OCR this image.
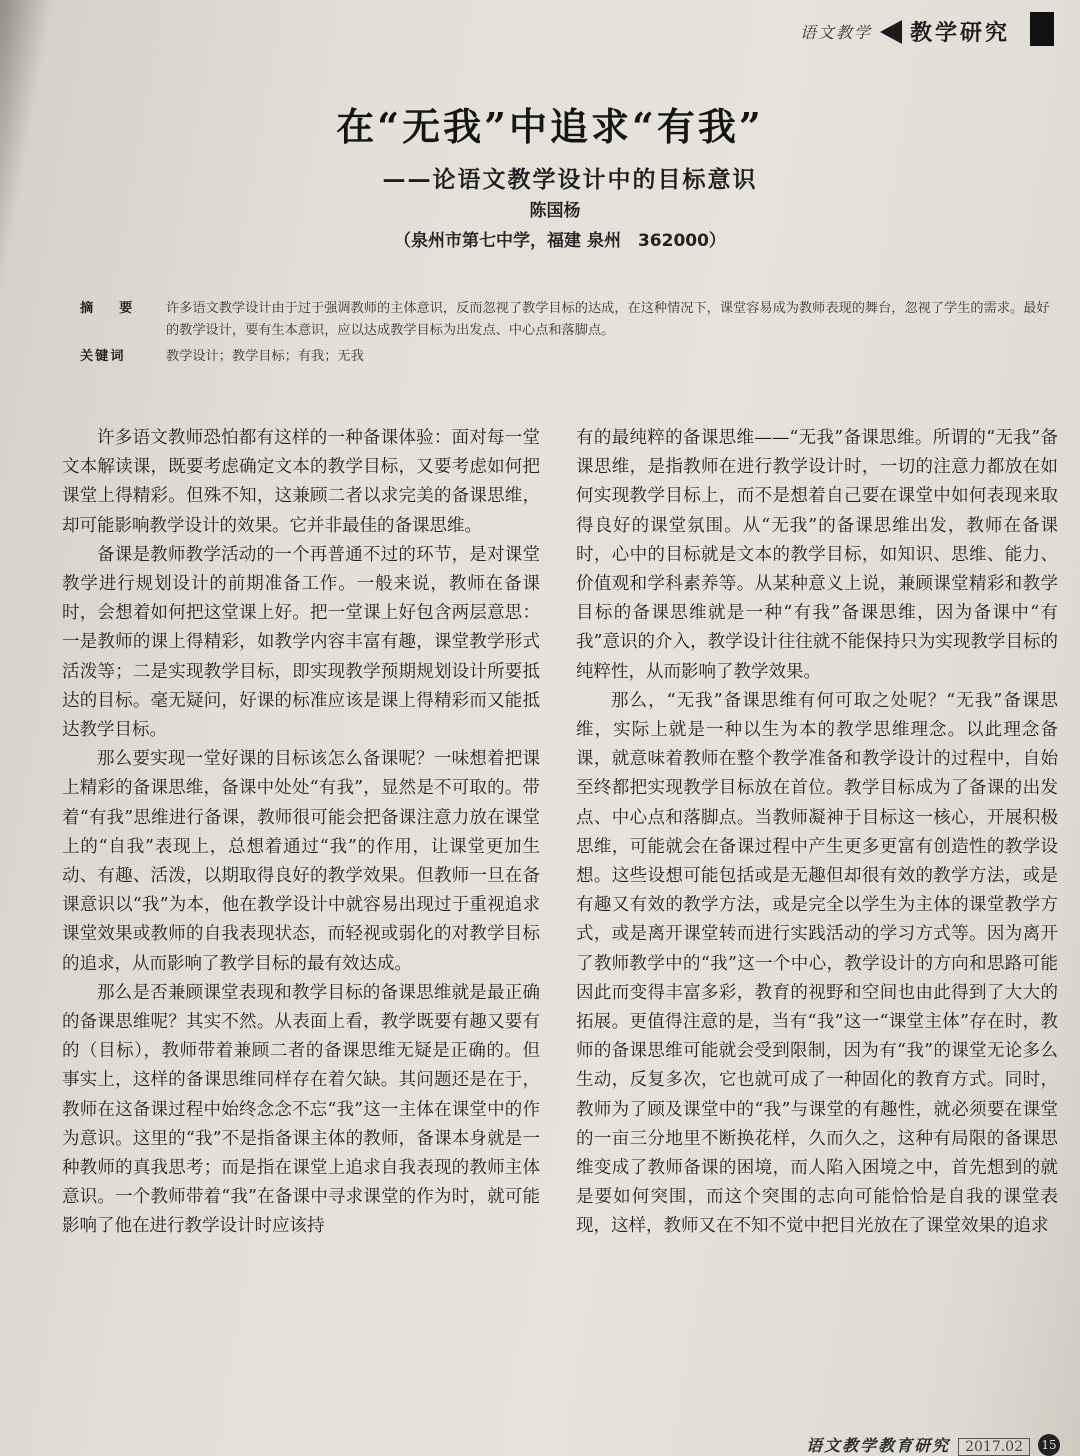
语文教学 教学研究
在“无我”中追求“有我”
——论语文教学设计中的目标意识
陈国杨
（泉州市第七中学，福建 泉州　362000）
摘要 许多语文教学设计由于过于强调教师的主体意识，反而忽视了教学目标的达成，在这种情况下，课堂容易成为教师表现的舞台，忽视了学生的需求。最好的教学设计，要有生本意识，应以达成教学目标为出发点、中心点和落脚点。
关键词	教学设计；教学目标；有我；无我

许多语文教师恐怕都有这样的一种备课体验：面对每一堂文本解读课，既要考虑确定文本的教学目标，又要考虑如何把课堂上得精彩。但殊不知，这兼顾二者以求完美的备课思维，却可能影响教学设计的效果。它并非最佳的备课思维。

备课是教师教学活动的一个再普通不过的环节，是对课堂教学进行规划设计的前期准备工作。一般来说，教师在备课时，会想着如何把这堂课上好。把一堂课上好包含两层意思：一是教师的课上得精彩，如教学内容丰富有趣，课堂教学形式活泼等；二是实现教学目标，即实现教学预期规划设计所要抵达的目标。毫无疑问，好课的标准应该是课上得精彩而又能抵达教学目标。

那么要实现一堂好课的目标该怎么备课呢？一味想着把课上精彩的备课思维，备课中处处“有我”，显然是不可取的。带着“有我”思维进行备课，教师很可能会把备课注意力放在课堂上的“自我”表现上，总想着通过“我”的作用，让课堂更加生动、有趣、活泼，以期取得良好的教学效果。但教师一旦在备课意识以“我”为本，他在教学设计中就容易出现过于重视追求课堂效果或教师的自我表现状态，而轻视或弱化的对教学目标的追求，从而影响了教学目标的最有效达成。

那么是否兼顾课堂表现和教学目标的备课思维就是最正确的备课思维呢？其实不然。从表面上看，教学既要有趣又要有的（目标），教师带着兼顾二者的备课思维无疑是正确的。但事实上，这样的备课思维同样存在着欠缺。其问题还是在于，教师在这备课过程中始终念念不忘“我”这一主体在课堂中的作为意识。这里的“我”不是指备课主体的教师，备课本身就是一种教师的真我思考；而是指在课堂上追求自我表现的教师主体意识。一个教师带着“我”在备课中寻求课堂的作为时，就可能影响了他在进行教学设计时应该持

有的最纯粹的备课思维——“无我”备课思维。所谓的“无我”备课思维，是指教师在进行教学设计时，一切的注意力都放在如何实现教学目标上，而不是想着自己要在课堂中如何表现来取得良好的课堂氛围。从“无我”的备课思维出发，教师在备课时，心中的目标就是文本的教学目标，如知识、思维、能力、价值观和学科素养等。从某种意义上说，兼顾课堂精彩和教学目标的备课思维就是一种“有我”备课思维，因为备课中“有我”意识的介入，教学设计往往就不能保持只为实现教学目标的纯粹性，从而影响了教学效果。

那么，“无我”备课思维有何可取之处呢？“无我”备课思维，实际上就是一种以生为本的教学思维理念。以此理念备课，就意味着教师在整个教学准备和教学设计的过程中，自始至终都把实现教学目标放在首位。教学目标成为了备课的出发点、中心点和落脚点。当教师凝神于目标这一核心，开展积极思维，可能就会在备课过程中产生更多更富有创造性的教学设想。这些设想可能包括或是无趣但却很有效的教学方法，或是有趣又有效的教学方法，或是完全以学生为主体的课堂教学方式，或是离开课堂转而进行实践活动的学习方式等。因为离开了教师教学中的“我”这一个中心，教学设计的方向和思路可能因此而变得丰富多彩，教育的视野和空间也由此得到了大大的拓展。更值得注意的是，当有“我”这一“课堂主体”存在时，教师的备课思维可能就会受到限制，因为有“我”的课堂无论多么生动，反复多次，它也就可成了一种固化的教育方式。同时，教师为了顾及课堂中的“我”与课堂的有趣性，就必须要在课堂的一亩三分地里不断换花样，久而久之，这种有局限的备课思维变成了教师备课的困境，而人陷入困境之中，首先想到的就是要如何突围，而这个突围的志向可能恰恰是自我的课堂表现，这样，教师又在不知不觉中把目光放在了课堂效果的追求

语文教学教育研究	2017.02	15
